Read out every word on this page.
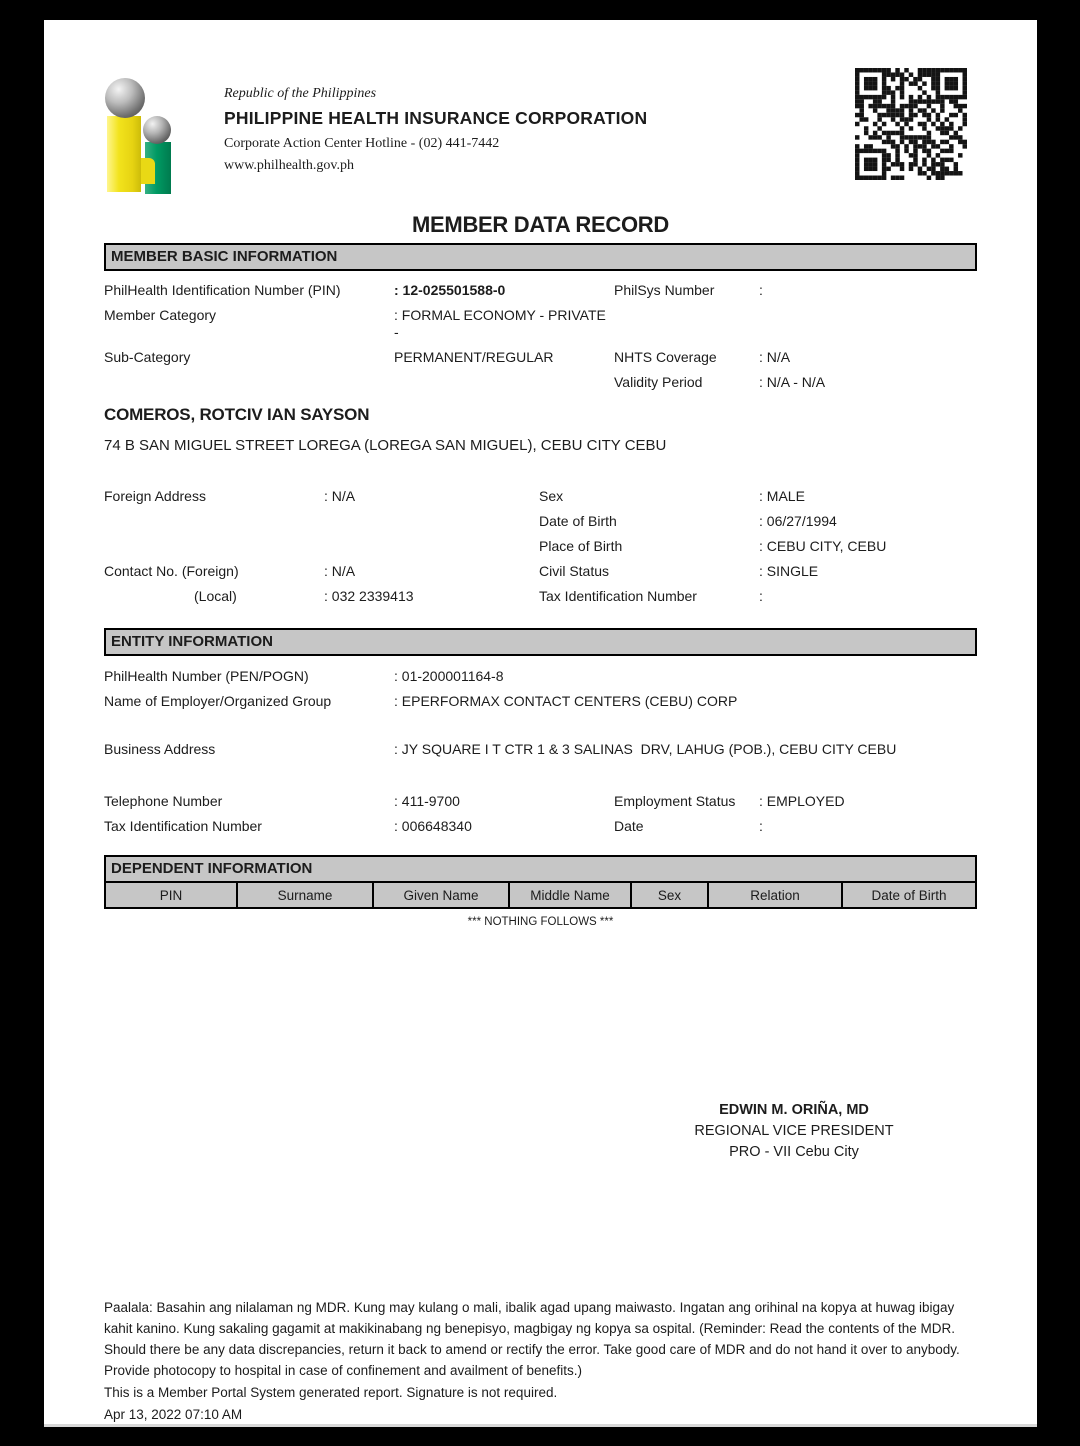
Republic of the Philippines
PHILIPPINE HEALTH INSURANCE CORPORATION
Corporate Action Center Hotline - (02) 441-7442
www.philhealth.gov.ph
MEMBER DATA RECORD
MEMBER BASIC INFORMATION
PhilHealth Identification Number (PIN)	: 12-025501588-0	PhilSys Number	:
Member Category	: FORMAL ECONOMY - PRIVATE -
Sub-Category	PERMANENT/REGULAR	NHTS Coverage	: N/A
Validity Period	: N/A - N/A
COMEROS, ROTCIV IAN SAYSON
74 B SAN MIGUEL STREET LOREGA (LOREGA SAN MIGUEL), CEBU CITY CEBU
Foreign Address	: N/A	Sex	: MALE
Date of Birth	: 06/27/1994
Place of Birth	: CEBU CITY, CEBU
Contact No. (Foreign)	: N/A	Civil Status	: SINGLE
(Local)	: 032 2339413	Tax Identification Number	:
ENTITY INFORMATION
PhilHealth Number (PEN/POGN)	: 01-200001164-8
Name of Employer/Organized Group	: EPERFORMAX CONTACT CENTERS (CEBU) CORP
Business Address	: JY SQUARE I T CTR 1 & 3 SALINAS  DRV, LAHUG (POB.), CEBU CITY CEBU
Telephone Number	: 411-9700	Employment Status	: EMPLOYED
Tax Identification Number	: 006648340	Date	:
DEPENDENT INFORMATION
PIN	Surname	Given Name	Middle Name	Sex	Relation	Date of Birth
*** NOTHING FOLLOWS ***
EDWIN M. ORIÑA, MD
REGIONAL VICE PRESIDENT
PRO - VII Cebu City
Paalala: Basahin ang nilalaman ng MDR. Kung may kulang o mali, ibalik agad upang maiwasto. Ingatan ang orihinal na kopya at huwag ibigay kahit kanino. Kung sakaling gagamit at makikinabang ng benepisyo, magbigay ng kopya sa ospital. (Reminder: Read the contents of the MDR. Should there be any data discrepancies, return it back to amend or rectify the error. Take good care of MDR and do not hand it over to anybody. Provide photocopy to hospital in case of confinement and availment of benefits.)
This is a Member Portal System generated report. Signature is not required.
Apr 13, 2022 07:10 AM
